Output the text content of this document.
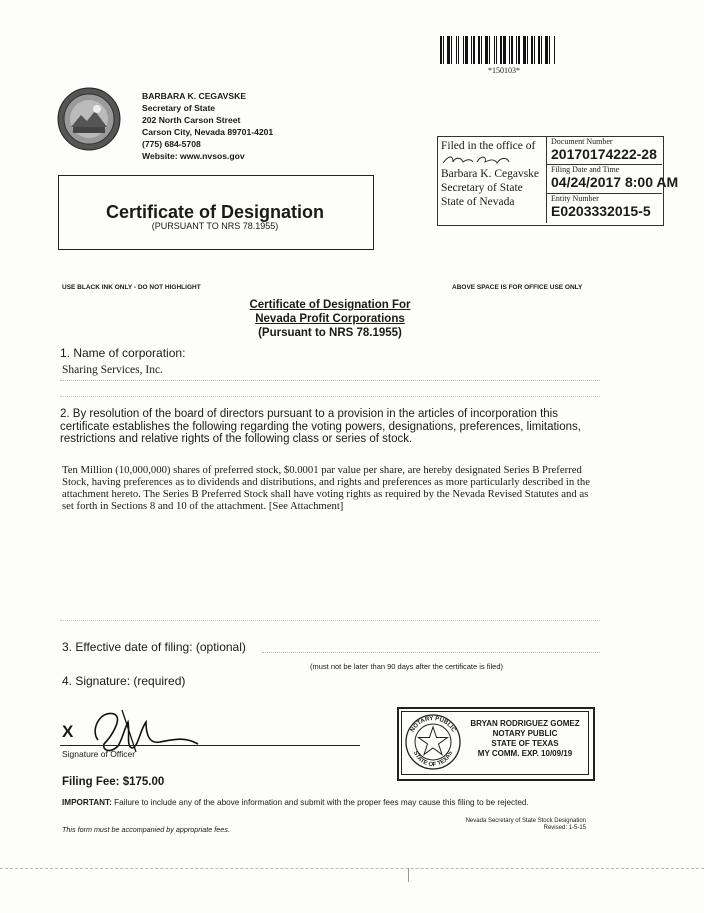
*150103*
BARBARA K. CEGAVSKE
Secretary of State
202 North Carson Street
Carson City, Nevada 89701-4201
(775) 684-5708
Website: www.nvsos.gov
Filed in the office of
Barbara K. Cegavske
Secretary of State
State of Nevada
Document Number
20170174222-28
Filing Date and Time
04/24/2017 8:00 AM
Entity Number
E0203332015-5
Certificate of Designation
(PURSUANT TO NRS 78.1955)
USE BLACK INK ONLY - DO NOT HIGHLIGHT	ABOVE SPACE IS FOR OFFICE USE ONLY
Certificate of Designation For
Nevada Profit Corporations
(Pursuant to NRS 78.1955)
1. Name of corporation:
Sharing Services, Inc.
2. By resolution of the board of directors pursuant to a provision in the articles of incorporation this certificate establishes the following regarding the voting powers, designations, preferences, limitations, restrictions and relative rights of the following class or series of stock.
Ten Million (10,000,000) shares of preferred stock, $0.0001 par value per share, are hereby designated Series B Preferred Stock, having preferences as to dividends and distributions, and rights and preferences as more particularly described in the attachment hereto. The Series B Preferred Stock shall have voting rights as required by the Nevada Revised Statutes and as set forth in Sections 8 and 10 of the attachment. [See Attachment]
3. Effective date of filing: (optional)
(must not be later than 90 days after the certificate is filed)
4. Signature: (required)
X
Signature of Officer
NOTARY PUBLIC
STATE OF TEXAS
BRYAN RODRIGUEZ GOMEZ
NOTARY PUBLIC
STATE OF TEXAS
MY COMM. EXP. 10/09/19
Filing Fee: $175.00
IMPORTANT: Failure to include any of the above information and submit with the proper fees may cause this filing to be rejected.
This form must be accompanied by appropriate fees.
Nevada Secretary of State Stock Designation
Revised: 1-5-15
